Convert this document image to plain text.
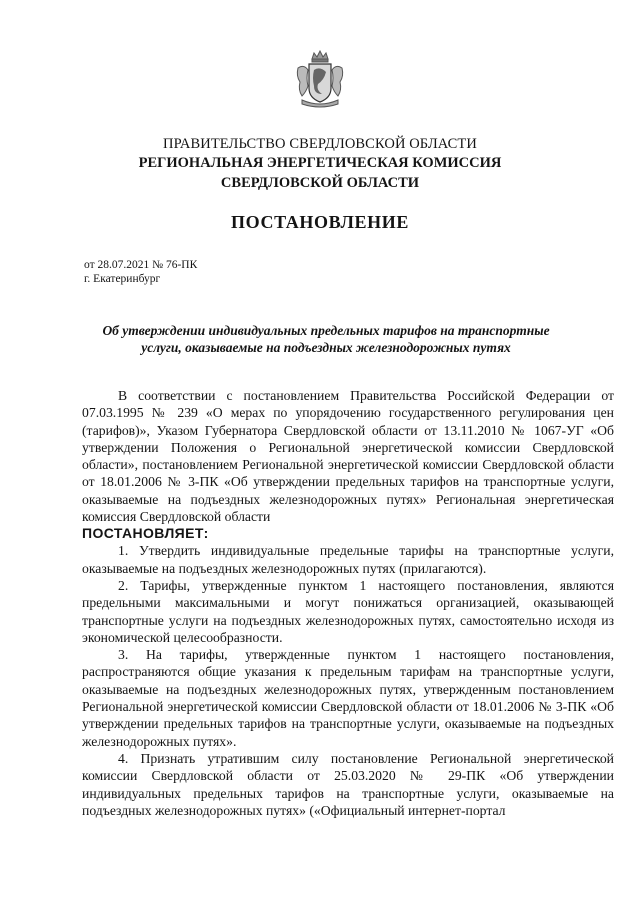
ПРАВИТЕЛЬСТВО СВЕРДЛОВСКОЙ ОБЛАСТИ
РЕГИОНАЛЬНАЯ ЭНЕРГЕТИЧЕСКАЯ КОМИССИЯ
СВЕРДЛОВСКОЙ ОБЛАСТИ
ПОСТАНОВЛЕНИЕ
от 28.07.2021 № 76-ПК
г. Екатеринбург
Об утверждении индивидуальных предельных тарифов на транспортные услуги, оказываемые на подъездных железнодорожных путях

В соответствии с постановлением Правительства Российской Федерации от 07.03.1995 № 239 «О мерах по упорядочению государственного регулирования цен (тарифов)», Указом Губернатора Свердловской области от 13.11.2010 № 1067-УГ «Об утверждении Положения о Региональной энергетической комиссии Свердловской области», постановлением Региональной энергетической комиссии Свердловской области от 18.01.2006 № 3-ПК «Об утверждении предельных тарифов на транспортные услуги, оказываемые на подъездных железнодорожных путях» Региональная энергетическая комиссия Свердловской области

ПОСТАНОВЛЯЕТ:

1. Утвердить индивидуальные предельные тарифы на транспортные услуги, оказываемые на подъездных железнодорожных путях (прилагаются).

2. Тарифы, утвержденные пунктом 1 настоящего постановления, являются предельными максимальными и могут понижаться организацией, оказывающей транспортные услуги на подъездных железнодорожных путях, самостоятельно исходя из экономической целесообразности.

3. На тарифы, утвержденные пунктом 1 настоящего постановления, распространяются общие указания к предельным тарифам на транспортные услуги, оказываемые на подъездных железнодорожных путях, утвержденным постановлением Региональной энергетической комиссии Свердловской области от 18.01.2006 № 3-ПК «Об утверждении предельных тарифов на транспортные услуги, оказываемые на подъездных железнодорожных путях».

4. Признать утратившим силу постановление Региональной энергетической комиссии Свердловской области от 25.03.2020 № 29-ПК «Об утверждении индивидуальных предельных тарифов на транспортные услуги, оказываемые на подъездных железнодорожных путях» («Официальный интернет-портал
